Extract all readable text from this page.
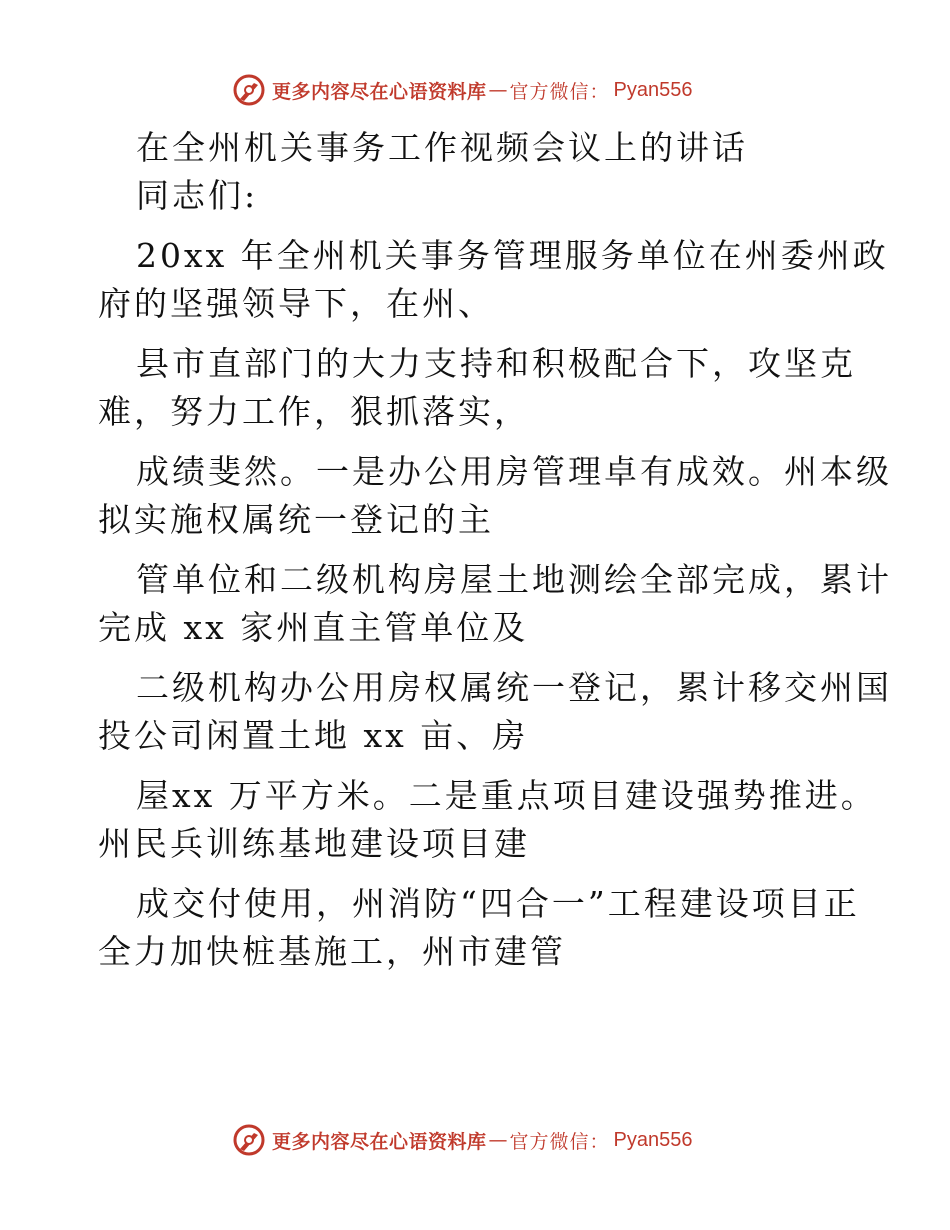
更多内容尽在心语资料库 — 官方微信： Pyan556
在全州机关事务工作视频会议上的讲话
同志们:
20xx 年全州机关事务管理服务单位在州委州政
府的坚强领导下，在州、
县市直部门的大力支持和积极配合下，攻坚克
难，努力工作，狠抓落实，
成绩斐然。一是办公用房管理卓有成效。州本级
拟实施权属统一登记的主
管单位和二级机构房屋土地测绘全部完成，累计
完成 xx 家州直主管单位及
二级机构办公用房权属统一登记，累计移交州国
投公司闲置土地 xx 亩、房
屋xx 万平方米。二是重点项目建设强势推进。
州民兵训练基地建设项目建
成交付使用，州消防“四合一”工程建设项目正
全力加快桩基施工，州市建管
更多内容尽在心语资料库 — 官方微信： Pyan556
